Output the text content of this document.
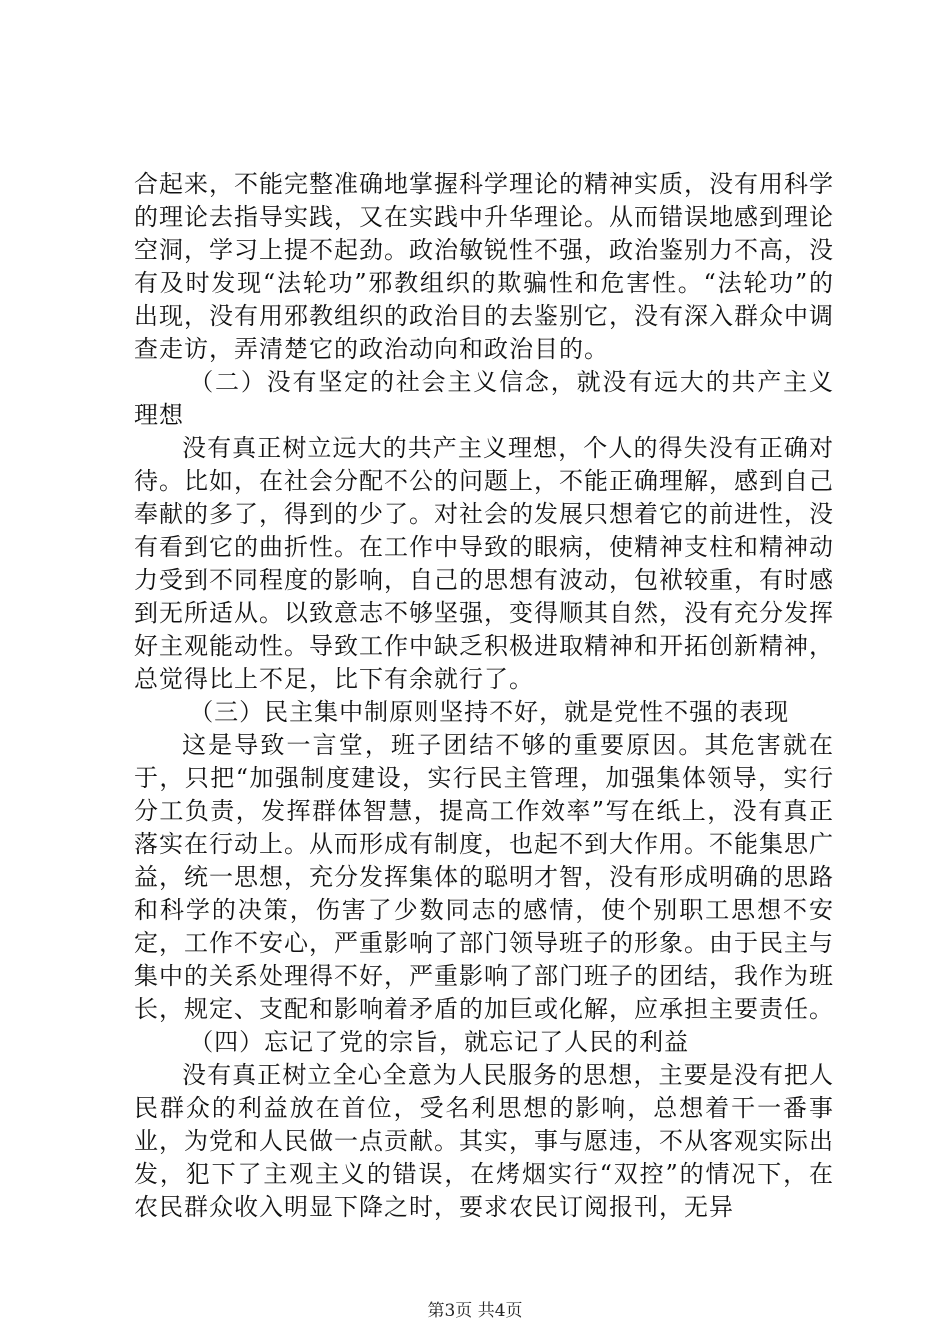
合起来，不能完整准确地掌握科学理论的精神实质，没有用科学的理论去指导实践，又在实践中升华理论。从而错误地感到理论空洞，学习上提不起劲。政治敏锐性不强，政治鉴别力不高，没有及时发现“法轮功”邪教组织的欺骗性和危害性。“法轮功”的出现，没有用邪教组织的政治目的去鉴别它，没有深入群众中调查走访，弄清楚它的政治动向和政治目的。

（二）没有坚定的社会主义信念，就没有远大的共产主义理想

没有真正树立远大的共产主义理想，个人的得失没有正确对待。比如，在社会分配不公的问题上，不能正确理解，感到自己奉献的多了，得到的少了。对社会的发展只想着它的前进性，没有看到它的曲折性。在工作中导致的眼病，使精神支柱和精神动力受到不同程度的影响，自己的思想有波动，包袱较重，有时感到无所适从。以致意志不够坚强，变得顺其自然，没有充分发挥好主观能动性。导致工作中缺乏积极进取精神和开拓创新精神，总觉得比上不足，比下有余就行了。

（三）民主集中制原则坚持不好，就是党性不强的表现

这是导致一言堂，班子团结不够的重要原因。其危害就在于，只把“加强制度建设，实行民主管理，加强集体领导，实行分工负责，发挥群体智慧，提高工作效率”写在纸上，没有真正落实在行动上。从而形成有制度，也起不到大作用。不能集思广益，统一思想，充分发挥集体的聪明才智，没有形成明确的思路和科学的决策，伤害了少数同志的感情，使个别职工思想不安定，工作不安心，严重影响了部门领导班子的形象。由于民主与集中的关系处理得不好，严重影响了部门班子的团结，我作为班长，规定、支配和影响着矛盾的加巨或化解，应承担主要责任。

（四）忘记了党的宗旨，就忘记了人民的利益

没有真正树立全心全意为人民服务的思想，主要是没有把人民群众的利益放在首位，受名利思想的影响，总想着干一番事业，为党和人民做一点贡献。其实，事与愿违，不从客观实际出发，犯下了主观主义的错误，在烤烟实行“双控”的情况下，在农民群众收入明显下降之时，要求农民订阅报刊，无异

第3页 共4页
